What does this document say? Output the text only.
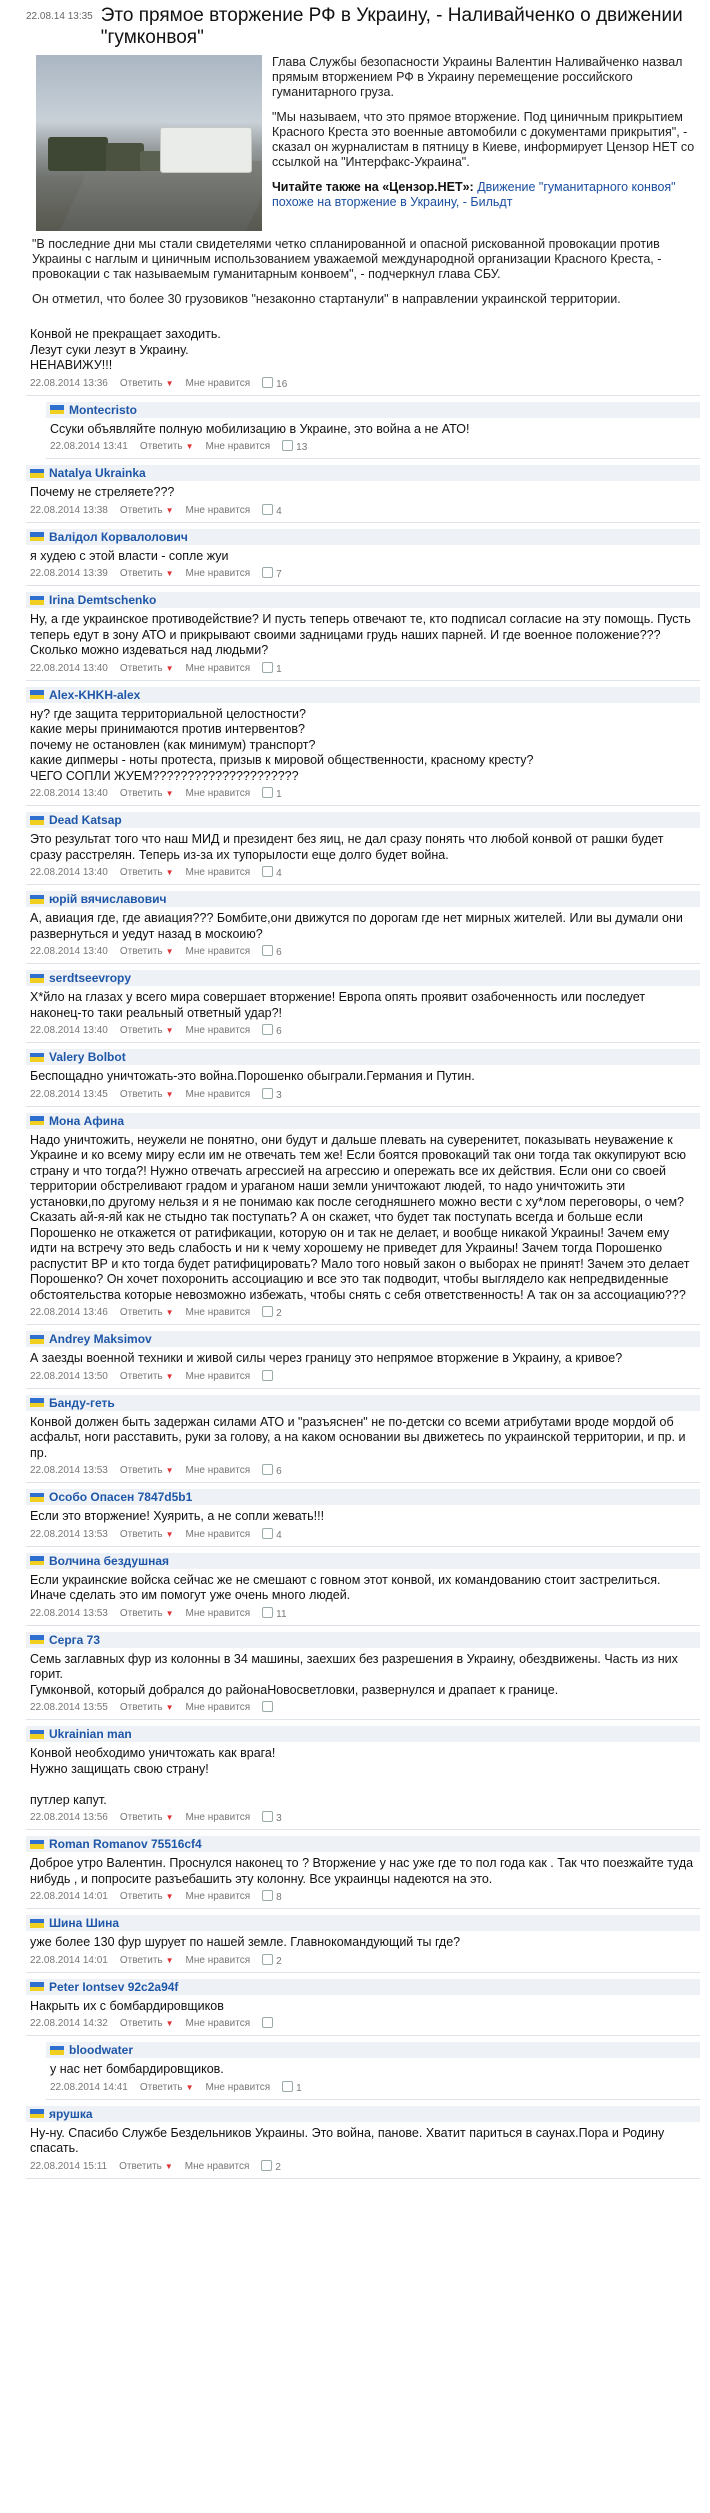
22.08.14 13:35 Это прямое вторжение РФ в Украину, - Наливайченко о движении "гумконвоя"

Глава Службы безопасности Украины Валентин Наливайченко назвал прямым вторжением РФ в Украину перемещение российского гуманитарного груза.

"Мы называем, что это прямое вторжение. Под циничным прикрытием Красного Креста это военные автомобили с документами прикрытия", - сказал он журналистам в пятницу в Киеве, информирует Цензор НЕТ со ссылкой на "Интерфакс-Украина".

Читайте также на «Цензор.НЕТ»: Движение "гуманитарного конвоя" похоже на вторжение в Украину, - Бильдт

"В последние дни мы стали свидетелями четко спланированной и опасной рискованной провокации против Украины с наглым и циничным использованием уважаемой международной организации Красного Креста, - провокации с так называемым гуманитарным конвоем", - подчеркнул глава СБУ.

Он отметил, что более 30 грузовиков "незаконно стартанули" в направлении украинской территории.

Конвой не прекращает заходить.
Лезут суки лезут в Украину.
НЕНАВИЖУ!!!
22.08.2014 13:36 Ответить ▼ Мне нравится	16
Montecristo
Ссуки объявляйте полную мобилизацию в Украине, это война а не АТО!
22.08.2014 13:41 Ответить ▼ Мне нравится	13
Natalya Ukrainka
Почему не стреляете???
22.08.2014 13:38 Ответить ▼ Мне нравится	4
Валідол Корвалолович
я худею с этой власти - сопле жуи
22.08.2014 13:39 Ответить ▼ Мне нравится	7
Irina Demtschenko
Ну, а где украинское противодействие? И пусть теперь отвечают те, кто подписал согласие на эту помощь. Пусть теперь едут в зону АТО и прикрывают своими задницами грудь наших парней. И где военное положение??? Сколько можно издеваться над людьми?
22.08.2014 13:40 Ответить ▼ Мне нравится	1
Alex-KHKH-alex
ну? где защита территориальной целостности?
какие меры принимаются против интервентов?
почему не остановлен (как минимум) транспорт?
какие дипмеры - ноты протеста, призыв к мировой общественности, красному кресту?
ЧЕГО СОПЛИ ЖУЕМ?????????????????????
22.08.2014 13:40 Ответить ▼ Мне нравится	1
Dead Katsap
Это результат того что наш МИД и президент без яиц, не дал сразу понять что любой конвой от рашки будет сразу расстрелян. Теперь из-за их тупорылости еще долго будет война.
22.08.2014 13:40 Ответить ▼ Мне нравится	4
юрій вячиславович
А, авиация где, где авиация??? Бомбите,они движутся по дорогам где нет мирных жителей. Или вы думали они развернуться и уедут назад в москоию?
22.08.2014 13:40 Ответить ▼ Мне нравится	6
serdtseevropy
Х*йло на глазах у всего мира совершает вторжение! Европа опять проявит озабоченность или последует наконец-то таки реальный ответный удар?!
22.08.2014 13:40 Ответить ▼ Мне нравится	6
Valery Bolbot
Беспощадно уничтожать-это война.Порошенко обыграли.Германия и Путин.
22.08.2014 13:45 Ответить ▼ Мне нравится	3
Мона Афина
Надо уничтожить, неужели не понятно, они будут и дальше плевать на суверенитет, показывать неуважение к Украине и ко всему миру если им не отвечать тем же! Если боятся провокаций так они тогда так оккупируют всю страну и что тогда?! Нужно отвечать агрессией на агрессию и опережать все их действия. Если они со своей территории обстреливают градом и ураганом наши земли уничтожают людей, то надо уничтожить эти установки,по другому нельзя и я не понимаю как после сегодняшнего можно вести с ху*лом переговоры, о чем? Сказать ай-я-яй как не стыдно так поступать? А он скажет, что будет так поступать всегда и больше если Порошенко не откажется от ратификации, которую он и так не делает, и вообще никакой Украины! Зачем ему идти на встречу это ведь слабость и ни к чему хорошему не приведет для Украины! Зачем тогда Порошенко распустит ВР и кто тогда будет ратифицировать? Мало того новый закон о выборах не принят! Зачем это делает Порошенко? Он хочет похоронить ассоциацию и все это так подводит, чтобы выглядело как непредвиденные обстоятельства которые невозможно избежать, чтобы снять с себя ответственность! А так он за ассоциацию???
22.08.2014 13:46 Ответить ▼ Мне нравится	2
Andrey Maksimov
А заезды военной техники и живой силы через границу это непрямое вторжение в Украину, а кривое?
22.08.2014 13:50 Ответить ▼ Мне нравится
Банду-геть
Конвой должен быть задержан силами АТО и "разъяснен" не по-детски со всеми атрибутами вроде мордой об асфальт, ноги расставить, руки за голову, а на каком основании вы движетесь по украинской территории, и пр. и пр.
22.08.2014 13:53 Ответить ▼ Мне нравится	6
Особо Опасен 7847d5b1
Если это вторжение! Хуярить, а не сопли жевать!!!
22.08.2014 13:53 Ответить ▼ Мне нравится	4
Волчина бездушная
Если украинские войска сейчас же не смешают с говном этот конвой, их командованию стоит застрелиться. Иначе сделать это им помогут уже очень много людей.
22.08.2014 13:53 Ответить ▼ Мне нравится	11
Серга 73
Семь заглавных фур из колонны в 34 машины, заехших без разрешения в Украину, обездвижены. Часть из них горит.
Гумконвой, который добрался до районаНовосветловки, развернулся и драпает к границе.
22.08.2014 13:55 Ответить ▼ Мне нравится
Ukrainian man
Конвой необходимо уничтожать как врага!
Нужно защищать свою страну!

путлер капут.
22.08.2014 13:56 Ответить ▼ Мне нравится	3
Roman Romanov 75516cf4
Доброе утро Валентин. Проснулся наконец то ? Вторжение у нас уже где то пол года как . Так что поезжайте туда нибудь , и попросите разъебашить эту колонну. Все украинцы надеются на это.
22.08.2014 14:01 Ответить ▼ Мне нравится	8
Шина Шина
уже более 130 фур шурует по нашей земле. Главнокомандующий ты где?
22.08.2014 14:01 Ответить ▼ Мне нравится	2
Peter Iontsev 92c2a94f
Накрыть их с бомбардировщиков
22.08.2014 14:32 Ответить ▼ Мне нравится
bloodwater
у нас нет бомбардировщиков.
22.08.2014 14:41 Ответить ▼ Мне нравится	1
ярушка
Ну-ну. Спасибо Службе Бездельников Украины. Это война, панове. Хватит париться в саунах.Пора и Родину спасать.
22.08.2014 15:11 Ответить ▼ Мне нравится	2
